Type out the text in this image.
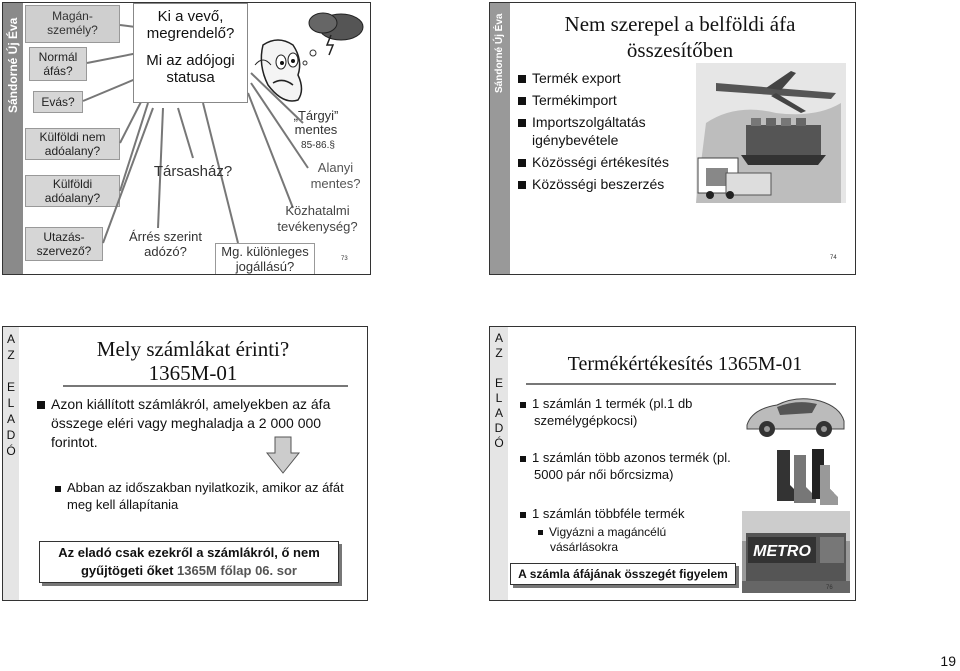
Sándorné Új Éva
Magán-
személy?
Normál
áfás?
Evás?
Külföldi nem
adóalany?
Külföldi
adóalany?
Utazás-
szervező?
Ki a vevő,
megrendelő?
Mi az adójogi
statusa
„Tárgyi”
mentes
85-86.§
Alanyi
mentes?
Közhatalmi
tevékenység?
Társasház?
Árrés szerint
adózó?	Mg. különleges
jogállású?	73
Sándorné Új Éva	Nem szerepel a belföldi áfa összesítőben
Termék export
Termékimport
Importszolgáltatás igénybevétele
Közösségi értékesítés
Közösségi beszerzés
74
A
Z
E
L
A
D
Ó
Mely számlákat érinti?
1365M-01
Azon kiállított számlákról, amelyekben az áfa összege eléri vagy meghaladja a 2 000 000 forintot.
Abban az időszakban nyilatkozik, amikor az áfát meg kell állapítania
Az eladó csak ezekről a számlákról, ő nem gyűjtögeti őket 1365M főlap 06. sor
A
Z
E
L
A
D
Ó
Termékértékesítés 1365M-01
1 számlán 1 termék (pl.1 db személygépkocsi)
1 számlán több azonos termék (pl. 5000 pár női bőrcsizma)
1 számlán többféle termék
Vigyázni a magáncélú vásárlásokra	METRO
A számla áfájának összegét figyelem
76
19
